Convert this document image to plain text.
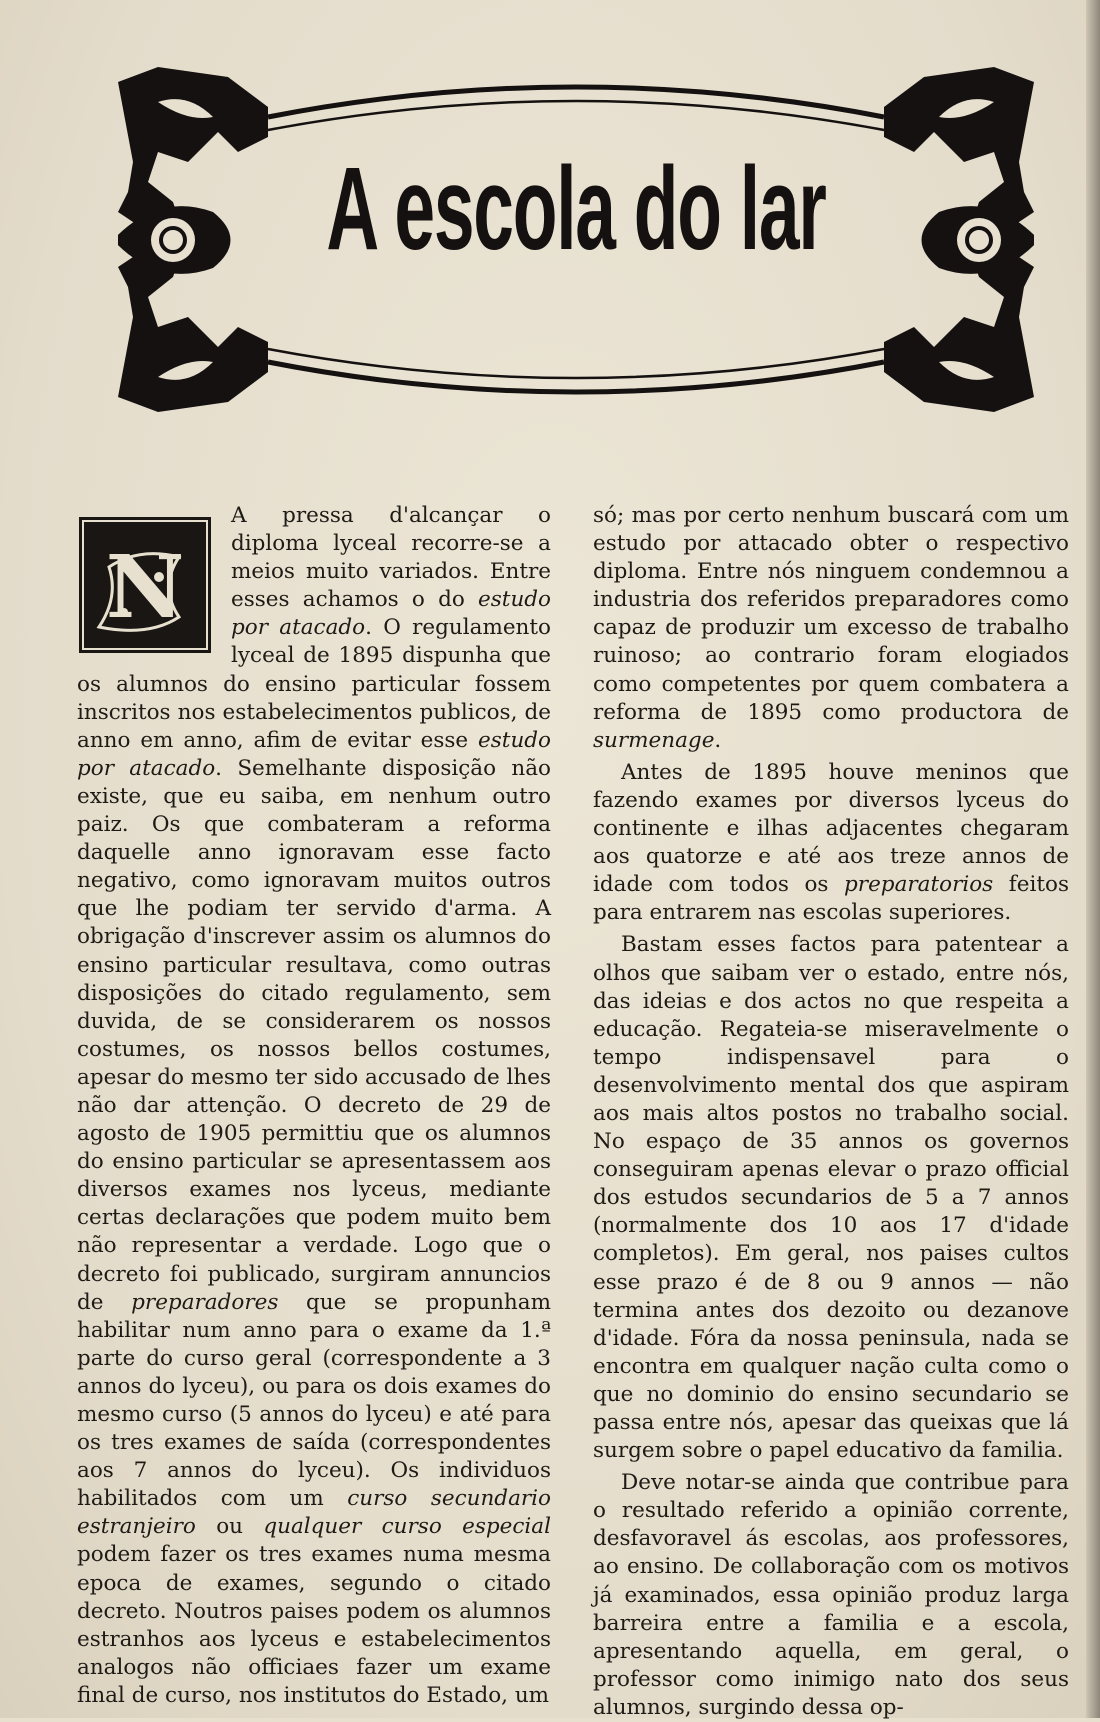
A escola do lar
N

A pressa d'alcançar o diploma lyceal recorre-se a meios muito variados. Entre esses achamos o do estudo por atacado. O regulamento lyceal de 1895 dispunha que os alumnos do ensino particular fossem inscritos nos estabelecimentos publicos, de anno em anno, afim de evitar esse estudo por atacado. Semelhante disposição não existe, que eu saiba, em nenhum outro paiz. Os que combateram a reforma daquelle anno ignoravam esse facto negativo, como ignoravam muitos outros que lhe podiam ter servido d'arma. A obrigação d'inscrever assim os alumnos do ensino particular resultava, como outras disposições do citado regulamento, sem duvida, de se considerarem os nossos costumes, os nossos bellos costumes, apesar do mesmo ter sido accusado de lhes não dar attenção. O decreto de 29 de agosto de 1905 permittiu que os alumnos do ensino particular se apresentassem aos diversos exames nos lyceus, mediante certas declarações que podem muito bem não representar a verdade. Logo que o decreto foi publicado, surgiram annuncios de preparadores que se propunham habilitar num anno para o exame da 1.ª parte do curso geral (correspondente a 3 annos do lyceu), ou para os dois exames do mesmo curso (5 annos do lyceu) e até para os tres exames de saída (correspondentes aos 7 annos do lyceu). Os individuos habilitados com um curso secundario estranjeiro ou qualquer curso especial podem fazer os tres exames numa mesma epoca de exames, segundo o citado decreto. Noutros paises podem os alumnos estranhos aos lyceus e estabelecimentos analogos não officiaes fazer um exame final de curso, nos institutos do Estado, um

só; mas por certo nenhum buscará com um estudo por attacado obter o respectivo diploma. Entre nós ninguem condemnou a industria dos referidos preparadores como capaz de produzir um excesso de trabalho ruinoso; ao contrario foram elogiados como competentes por quem combatera a reforma de 1895 como productora de surmenage.

Antes de 1895 houve meninos que fazendo exames por diversos lyceus do continente e ilhas adjacentes chegaram aos quatorze e até aos treze annos de idade com todos os preparatorios feitos para entrarem nas escolas superiores.

Bastam esses factos para patentear a olhos que saibam ver o estado, entre nós, das ideias e dos actos no que respeita a educação. Regateia-se miseravelmente o tempo indispensavel para o desenvolvimento mental dos que aspiram aos mais altos postos no trabalho social. No espaço de 35 annos os governos conseguiram apenas elevar o prazo official dos estudos secundarios de 5 a 7 annos (normalmente dos 10 aos 17 d'idade completos). Em geral, nos paises cultos esse prazo é de 8 ou 9 annos — não termina antes dos dezoito ou dezanove d'idade. Fóra da nossa peninsula, nada se encontra em qualquer nação culta como o que no dominio do ensino secundario se passa entre nós, apesar das queixas que lá surgem sobre o papel educativo da familia.

Deve notar-se ainda que contribue para o resultado referido a opinião corrente, desfavoravel ás escolas, aos professores, ao ensino. De collaboração com os motivos já examinados, essa opinião produz larga barreira entre a familia e a escola, apresentando aquella, em geral, o professor como inimigo nato dos seus alumnos, surgindo dessa op-
